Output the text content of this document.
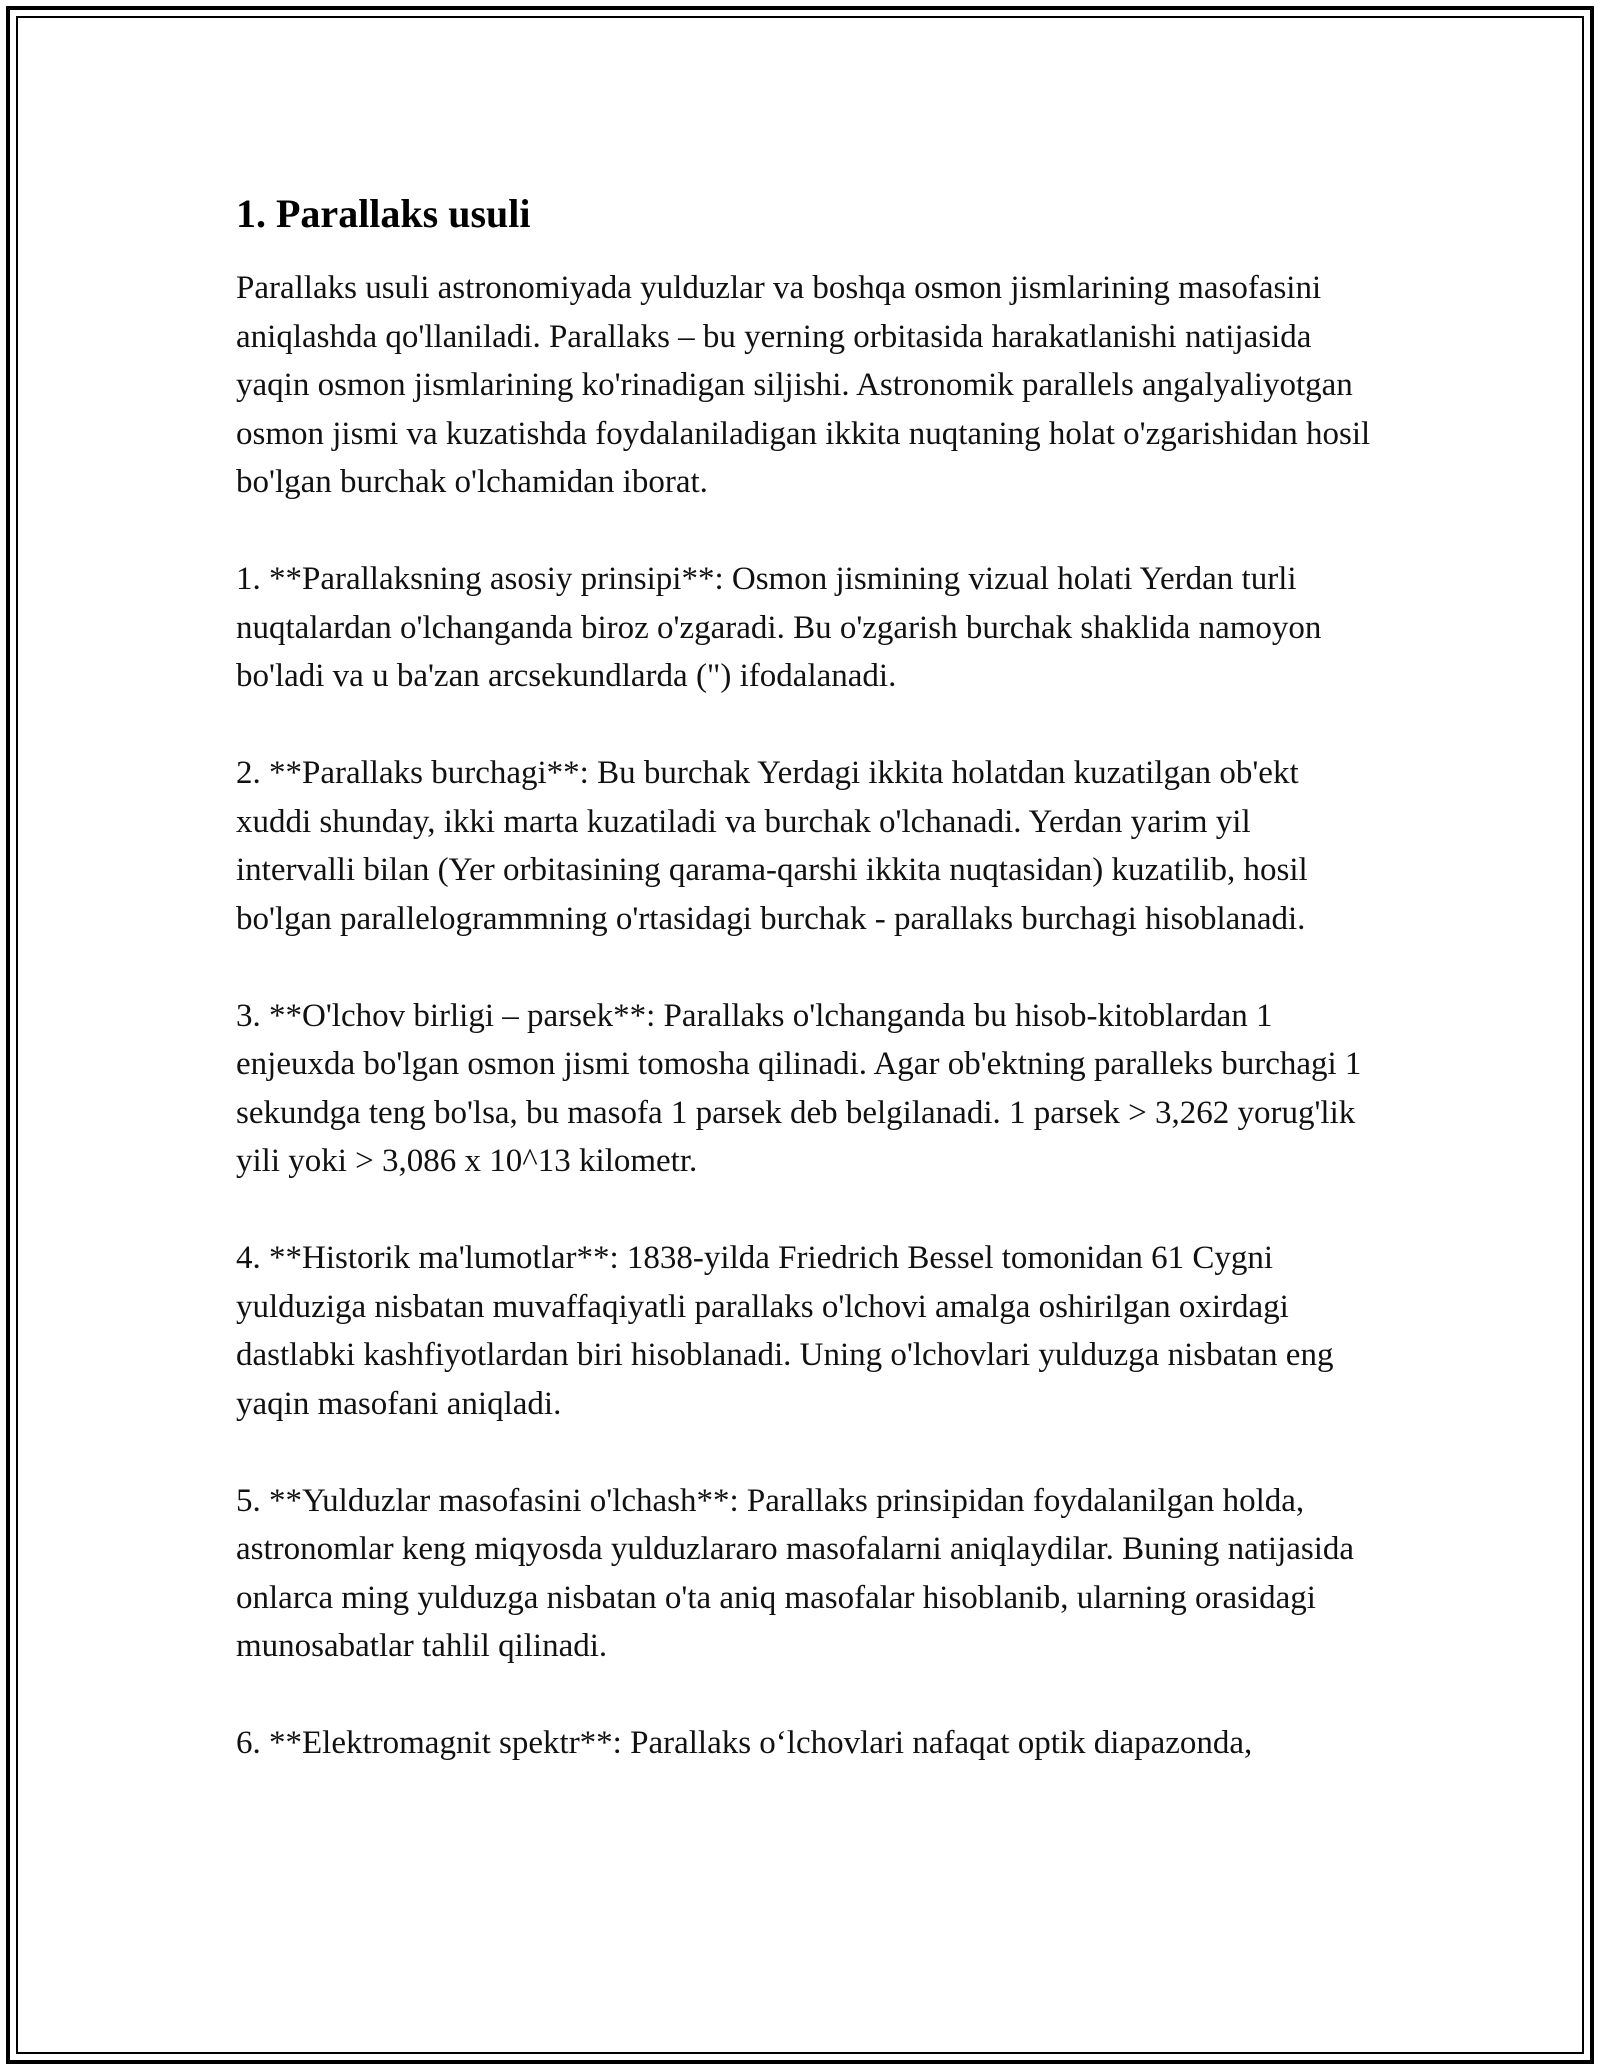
1. Parallaks usuli

Parallaks usuli astronomiyada yulduzlar va boshqa osmon jismlarining masofasini aniqlashda qo'llaniladi. Parallaks – bu yerning orbitasida harakatlanishi natijasida yaqin osmon jismlarining ko'rinadigan siljishi. Astronomik parallels angalyaliyotgan osmon jismi va kuzatishda foydalaniladigan ikkita nuqtaning holat o'zgarishidan hosil bo'lgan burchak o'lchamidan iborat.

1. **Parallaksning asosiy prinsipi**: Osmon jismining vizual holati Yerdan turli nuqtalardan o'lchanganda biroz o'zgaradi. Bu o'zgarish burchak shaklida namoyon bo'ladi va u ba'zan arcsekundlarda (") ifodalanadi.

2. **Parallaks burchagi**: Bu burchak Yerdagi ikkita holatdan kuzatilgan ob'ekt xuddi shunday, ikki marta kuzatiladi va burchak o'lchanadi. Yerdan yarim yil intervalli bilan (Yer orbitasining qarama-qarshi ikkita nuqtasidan) kuzatilib, hosil bo'lgan parallelogrammning o'rtasidagi burchak - parallaks burchagi hisoblanadi.

3. **O'lchov birligi – parsek**: Parallaks o'lchanganda bu hisob-kitoblardan 1 enjeuxda bo'lgan osmon jismi tomosha qilinadi. Agar ob'ektning paralleks burchagi 1 sekundga teng bo'lsa, bu masofa 1 parsek deb belgilanadi. 1 parsek > 3,262 yorug'lik yili yoki > 3,086 x 10^13 kilometr.

4. **Historik ma'lumotlar**: 1838-yilda Friedrich Bessel tomonidan 61 Cygni yulduziga nisbatan muvaffaqiyatli parallaks o'lchovi amalga oshirilgan oxirdagi dastlabki kashfiyotlardan biri hisoblanadi. Uning o'lchovlari yulduzga nisbatan eng yaqin masofani aniqladi.

5. **Yulduzlar masofasini o'lchash**: Parallaks prinsipidan foydalanilgan holda, astronomlar keng miqyosda yulduzlararo masofalarni aniqlaydilar. Buning natijasida onlarca ming yulduzga nisbatan o'ta aniq masofalar hisoblanib, ularning orasidagi munosabatlar tahlil qilinadi.

6. **Elektromagnit spektr**: Parallaks oʻlchovlari nafaqat optik diapazonda,
